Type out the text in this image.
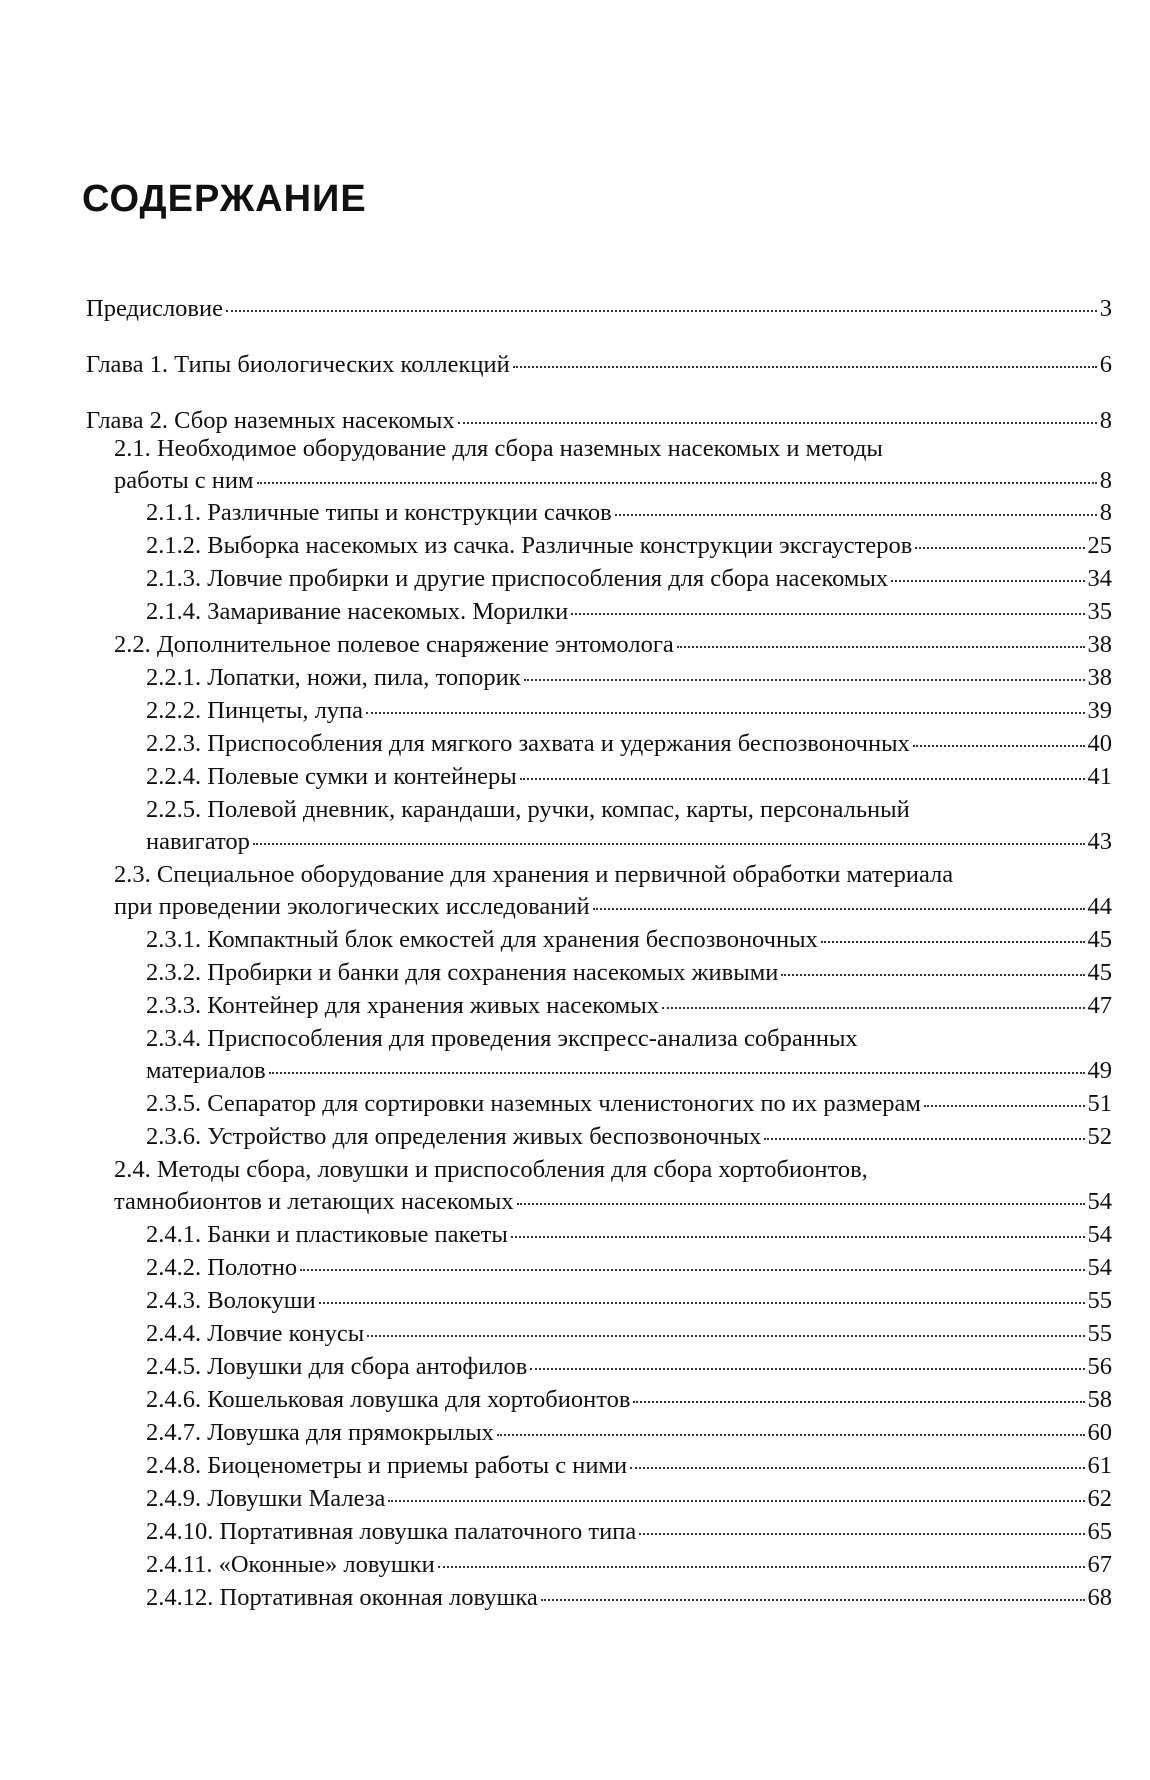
СОДЕРЖАНИЕ
Предисловие	3
Глава 1. Типы биологических коллекций	6
Глава 2. Сбор наземных насекомых	8
2.1. Необходимое оборудование для сбора наземных насекомых и методы
работы с ним	8
2.1.1. Различные типы и конструкции сачков	8
2.1.2. Выборка насекомых из сачка. Различные конструкции эксгаустеров	25
2.1.3. Ловчие пробирки и другие приспособления для сбора насекомых	34
2.1.4. Замаривание насекомых. Морилки	35
2.2. Дополнительное полевое снаряжение энтомолога	38
2.2.1. Лопатки, ножи, пила, топорик	38
2.2.2. Пинцеты, лупа	39
2.2.3. Приспособления для мягкого захвата и удержания беспозвоночных	40
2.2.4. Полевые сумки и контейнеры	41
2.2.5. Полевой дневник, карандаши, ручки, компас, карты, персональный
навигатор	43
2.3. Специальное оборудование для хранения и первичной обработки материала
при проведении экологических исследований	44
2.3.1. Компактный блок емкостей для хранения беспозвоночных	45
2.3.2. Пробирки и банки для сохранения насекомых живыми	45
2.3.3. Контейнер для хранения живых насекомых	47
2.3.4. Приспособления для проведения экспресс-анализа собранных
материалов	49
2.3.5. Сепаратор для сортировки наземных членистоногих по их размерам	51
2.3.6. Устройство для определения живых беспозвоночных	52
2.4. Методы сбора, ловушки и приспособления для сбора хортобионтов,
тамнобионтов и летающих насекомых	54
2.4.1. Банки и пластиковые пакеты	54
2.4.2. Полотно	54
2.4.3. Волокуши	55
2.4.4. Ловчие конусы	55
2.4.5. Ловушки для сбора антофилов	56
2.4.6. Кошельковая ловушка для хортобионтов	58
2.4.7. Ловушка для прямокрылых	60
2.4.8. Биоценометры и приемы работы с ними	61
2.4.9. Ловушки Малеза	62
2.4.10. Портативная ловушка палаточного типа	65
2.4.11. «Оконные» ловушки	67
2.4.12. Портативная оконная ловушка	68
